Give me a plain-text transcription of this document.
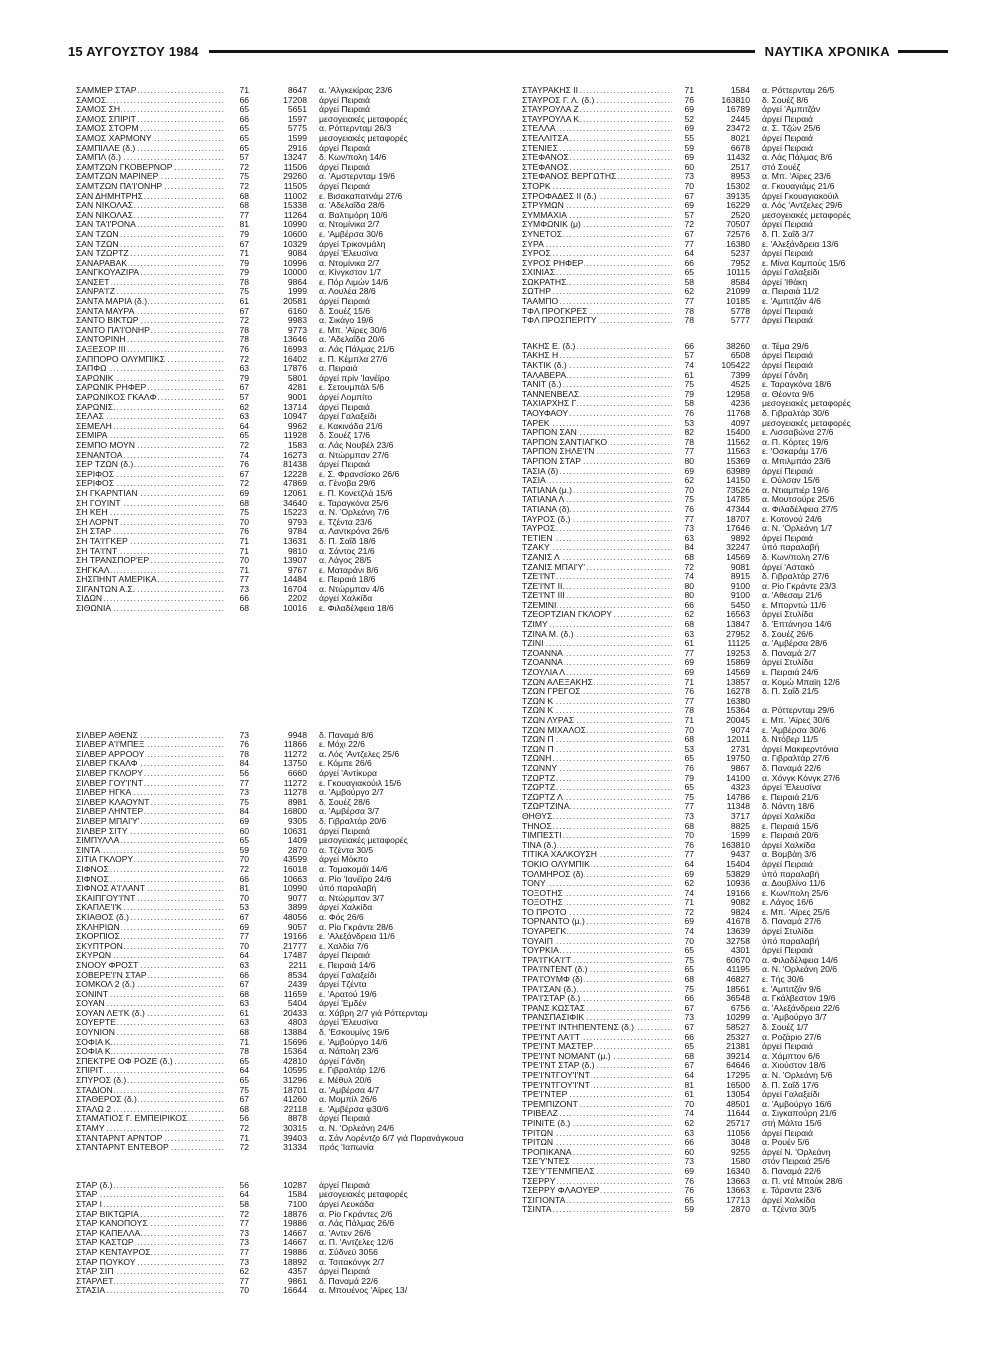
15 ΑΥΓΟΥΣΤΟΥ 1984	ΝΑΥΤΙΚΑ ΧΡΟΝΙΚΑ
ΣΑΜΜΕΡ ΣΤΑΡ .....	71	8647	α. 'Αλγκεκίρας 23/6
ΣΑΜΟΣ .....	66	17208	άργεί Πειραιά
ΣΑΜΟΣ ΣΗ .....	65	5651	άργεί Πειραιά
ΣΑΜΟΣ ΣΠΙΡΙΤ .....	66	1597	μεσογειακές μεταφορές
ΣΑΜΟΣ ΣΤΟΡΜ .....	65	5775	α. Ρόττερνταμ 26/3
ΣΑΜΟΣ ΧΑΡΜΟΝΥ .....	65	1599	μεσογειακές μεταφορές
ΣΑΜΠΙΛΛΕ (δ.) .....	65	2916	άργεί Πειραιά
ΣΑΜΠΛ (δ.) .....	57	13247	δ. Κων/πολη 14/6
ΣΑΜΤΖΩΝ ΓΚΟΒΕΡΝΟΡ .....	72	11506	άργεί Πειραιά
ΣΑΜΤΖΩΝ ΜΑΡΙΝΕΡ .....	75	29260	α. 'Αμστερνταμ 19/6
ΣΑΜΤΖΩΝ ΠΑ'Ι'ΟΝΗΡ .....	72	11505	άργεί Πειραιά
ΣΑΝ ΔΗΜΗΤΡΗΣ .....	68	11002	ε. Βισακαπατνάμ 27/6
ΣΑΝ ΝΙΚΟΛΑΣ .....	68	15338	α. 'Αδελαΐδα 28/6
ΣΑΝ ΝΙΚΟΛΑΣ .....	77	11264	α. Βαλτιμόρη 10/6
ΣΑΝ ΤΑ'Ι'ΡΟΝΑ .....	81	10990	α. Ντομίνικα 2/7
ΣΑΝ ΤΖΩΝ .....	79	10600	ε. 'Αμβέρσα 30/6
ΣΑΝ ΤΖΩΝ .....	67	10329	άργεί Τρικονμάλη
ΣΑΝ ΤΖΩΡΤΖ .....	71	9084	άργεί 'Ελευσίνα
ΣΑΝΑΡΑΒΑΚ .....	79	10996	α. Ντομίνικα 2/7
ΣΑΝΓΚΟΥΑΖΙΡΑ .....	79	10000	α. Κίνγκστον 1/7
ΣΑΝΣΕΤ .....	78	9864	ε. Πόρ Λιμών 14/6
ΣΑΝΡΑ'Ι'Ζ .....	75	1999	α. Λουλέα 28/6
ΣΑΝΤΑ ΜΑΡΙΑ (δ.) .....	61	20581	άργεί Πειραιά
ΣΑΝΤΑ ΜΑΥΡΑ .....	67	6160	δ. Σουέζ 15/6
ΣΑΝΤΟ ΒΙΚΤΩΡ .....	72	9983	α. Σικάγο 19/6
ΣΑΝΤΟ ΠΑ'Ι'ΟΝΗΡ .....	78	9773	ε. Μπ. 'Αϊρες 30/6
ΣΑΝΤΟΡΙΝΗ .....	78	13646	α. 'Αδελαΐδα 20/6
ΣΑΞΕΣΟΡ ΙΙΙ .....	76	16993	α. Λάς Πάλμας 21/6
ΣΑΠΠΟΡΟ ΟΛΥΜΠΙΚΣ .....	72	16402	ε. Π. Κέμπλα 27/6
ΣΑΠΦΩ .....	63	17876	α. Πειραιά
ΣΑΡΩΝΙΚ .....	79	5801	άργεί πρίν 'Ιανέϊρο
ΣΑΡΩΝΙΚ ΡΗΦΕΡ .....	67	4281	ε. Σετουμπάλ 5/6
ΣΑΡΩΝΙΚΟΣ ΓΚΑΛΦ .....	57	9001	άργεί Λομπίτο
ΣΑΡΩΝΙΣ .....	62	13714	άργεί Πειραιά
ΣΕΛΑΣ .....	63	10947	άργεί Γαλαξείδι
ΣΕΜΕΛΗ .....	64	9962	ε. Κακινάδα 21/6
ΣΕΜΙΡΑ .....	65	11928	δ. Σουέζ 17/6
ΣΕΜΠΟ ΜΟΥΝ .....	72	1583	α. Λάς Νουβέλ 23/6
ΣΕΝΑΝΤΟΑ .....	74	16273	α. Ντώρμπαν 27/6
ΣΕΡ ΤΖΩΝ (δ.) .....	76	81438	άργεί Πειραιά
ΣΕΡΙΦΟΣ .....	67	12228	ε. Σ. Φρανσίσκο 26/6
ΣΕΡΙΦΟΣ .....	72	47869	α. Γένοβα 29/6
ΣΗ ΓΚΑΡΝΤΙΑΝ .....	69	12061	ε. Π. Κονετζλά 15/6
ΣΗ ΓΟΥΙΝΤ .....	68	34640	ε. Ταραγκόνα 25/6
ΣΗ ΚΕΗ .....	75	15223	α. Ν. 'Ορλεάνη 7/6
ΣΗ ΛΟΡΝΤ .....	70	9793	ε. Τζέντα 23/6
ΣΗ ΣΤΑΡ .....	76	9784	α. Λαντκρόνα 26/6
ΣΗ ΤΑ'Ι'ΓΚΕΡ .....	71	13631	δ. Π. Σαΐδ 18/6
ΣΗ ΤΑ'Ι'ΝΤ .....	71	9810	α. Σάντος 21/6
ΣΗ ΤΡΑΝΣΠΟΡ'ΕΡ .....	70	13907	α. Λάγος 28/5
ΣΗΓΚΑΛ .....	71	9767	ε. Ματαράνι 8/6
ΣΗΣΠΗΝΤ ΑΜΕΡΙΚΑ .....	77	14484	ε. Πειραιά 18/6
ΣΙΓΑΝΤΩΝ Α.Σ. .....	73	16704	α. Ντώρμπαν 4/6
ΣΙΔΩΝ .....	66	2202	άργεί Χαλκίδα
ΣΙΘΩΝΙΑ .....	68	10016	ε. Φιλαδέλφεια 18/6
ΣΙΛΒΕΡ ΑΘΕΝΣ .....	73	9948	δ. Παναμά 8/6
ΣΙΛΒΕΡ Α'Ι'ΜΠΕΞ .....	76	11866	ε. Μόχι 22/6
ΣΙΛΒΕΡ ΑΡΡΟΟΥ .....	78	11272	α. Λός 'Αντζελες 25/6
ΣΙΛΒΕΡ ΓΚΑΛΦ .....	84	13750	ε. Κόμπε 26/6
ΣΙΛΒΕΡ ΓΚΛΟΡΥ .....	56	6660	άργεί 'Αντίκυρα
ΣΙΛΒΕΡ ΓΟΥ'Ι'ΝΤ .....	77	11272	ε. Γκουαγιακούιλ 15/6
ΣΙΛΒΕΡ ΗΓΚΑ .....	73	11278	α. 'Αμβούργο 2/7
ΣΙΛΒΕΡ ΚΛΑΟΥΝΤ .....	75	8981	δ. Σουέζ 28/6
ΣΙΛΒΕΡ ΛΗΝΤΕΡ .....	84	16800	α. 'Αμβέρσα 3/7
ΣΙΛΒΕΡ ΜΠΑΙ'Υ' .....	69	9305	δ. Γιβραλτάρ 20/6
ΣΙΛΒΕΡ ΣΙΤΥ .....	60	10631	άργεί Πειραιά
ΣΙΜΠΥΛΛΑ .....	65	1409	μεσογειακές μεταφορές
ΣΙΝΤΑ .....	59	2870	α. Τζέντα 30/5
ΣΙΤΙΑ ΓΚΛΟΡΥ .....	70	43599	άργεί Μόκπο
ΣΙΦΝΟΣ .....	72	16018	α. Τομακομάϊ 14/6
ΣΙΦΝΟΣ .....	66	10663	α. Ρίο 'Ιανέϊρο 24/6
ΣΙΦΝΟΣ Α'Ι'ΛΑΝΤ .....	81	10990	ύπό παραλαβή
ΣΚΑΙΠΓΟΥ'Ι'ΝΤ .....	70	9077	α. Ντώρμπαν 3/7
ΣΚΑΠΛΕ'Ι'Κ .....	53	3899	άργεί Χαλκίδα
ΣΚΙΑΘΟΣ (δ.) .....	67	48056	α. Φός 26/6
ΣΚΛΗΡΙΩΝ .....	69	9057	α. Ρίο Γκράντε 28/6
ΣΚΟΡΠΙΟΣ .....	77	19166	ε. 'Αλεξάνδρεια 11/6
ΣΚΥΠΤΡΟΝ .....	70	21777	ε. Χαλδία 7/6
ΣΚΥΡΩΝ .....	64	17487	άργεί Πειραιά
ΣΝΟΟΥ ΦΡΟΣΤ .....	63	2211	ε. Πειραιά 14/6
ΣΟΒΕΡΕ'Ι'Ν ΣΤΑΡ .....	66	8534	άργεί Γαλαξείδι
ΣΟΜΚΟΛ 2 (δ.) .....	67	2439	άργεί Τζέντα
ΣΟΝΙΝΤ .....	68	11659	ε. 'Αρατού 19/6
ΣΟΥΑΝ .....	63	5404	άργεί 'Εμδέν
ΣΟΥΑΝ ΛΕ'Ι'Κ (δ.) .....	61	20433	α. Χάβρη 2/7 γιά Ρόττερνταμ
ΣΟΥΕΡΤΕ .....	63	4803	άργεί 'Ελευσίνα
ΣΟΥΝΙΟΝ .....	68	13884	δ. 'Εσκουμίνς 19/6
ΣΟΦΙΑ Κ. .....	71	15696	ε. 'Αμβούργο 14/6
ΣΟΦΙΑ Κ. .....	78	15364	α. Νάπολη 23/6
ΣΠΕΚΤΡΕ ΟΦ ΡΟΖΕ (δ.) .....	65	42810	άργεί Γάνδη
ΣΠΙΡΙΤ .....	64	10595	ε. Γιβραλτάρ 12/6
ΣΠΥΡΟΣ (δ.) .....	65	31296	ε. Μέθυλ 20/6
ΣΤΑΔΙΟΝ .....	75	18701	α. 'Αμβέρσα 4/7
ΣΤΑΘΕΡΟΣ (δ.) .....	67	41260	α. Μομπίλ 26/6
ΣΤΑΛΩ 2 .....	68	22118	ε. 'Αμβέρσα φ30/6
ΣΤΑΜΑΤΙΟΣ Γ. ΕΜΠΕΙΡΙΚΟΣ .....	56	8878	άργεί Πειραιά
ΣΤΑΜΥ .....	72	30315	α. Ν. 'Ορλεάνη 24/6
ΣΤΑΝΤΑΡΝΤ ΑΡΝΤΟΡ .....	71	39403	α. Σάν Λορέντζο 6/7 γιά Παρανάγκουα
ΣΤΑΝΤΑΡΝΤ ΕΝΤΕΒΟΡ .....	72	31334	πρός 'Ιαπωνία
ΣΤΑΡ (δ.) .....	56	10287	άργεί Πειραιά
ΣΤΑΡ .....	64	1584	μεσογειακές μεταφορές
ΣΤΑΡ Ι .....	58	7100	άργεί Λευκάδα
ΣΤΑΡ ΒΙΚΤΩΡΙΑ .....	72	18876	α. Ρίο Γκράντες 2/6
ΣΤΑΡ ΚΑΝΟΠΟΥΣ .....	77	19886	α. Λάς Πάλμας 26/6
ΣΤΑΡ ΚΑΠΕΛΛΑ .....	73	14667	α. 'Αντεν 26/6
ΣΤΑΡ ΚΑΣΤΩΡ .....	73	14667	α. Π. 'Αντζελες 12/6
ΣΤΑΡ ΚΕΝΤΑΥΡΟΣ .....	77	19886	α. Σύδνεϋ 3056
ΣΤΑΡ ΠΟΥΚΟΥ .....	73	18892	α. Τσιτακόνγκ 2/7
ΣΤΑΡ ΣΙΠ .....	62	4357	άργεί Πειραιά
ΣΤΑΡΛΕΤ .....	77	9861	δ. Παναμά 22/6
ΣΤΑΣΙΑ .....	70	16644	α. Μπουένος 'Αϊρες 13/
ΣΤΑΥΡΑΚΗΣ ΙΙ .....	71	1584	α. Ρόττερνταμ 26/5
ΣΤΑΥΡΟΣ Γ. Λ. (δ.) .....	76	163810	δ. Σουέζ 8/6
ΣΤΑΥΡΟΥΛΑ Ζ .....	69	16789	άργεί 'Αμπιτζάν
ΣΤΑΥΡΟΥΛΑ Κ .....	52	2445	άργεί Πειραιά
ΣΤΕΛΛΑ .....	69	23472	α. Σ. Τζών 25/6
ΣΤΕΛΛΙΤΣΑ .....	55	8021	άργεί Πειραιά
ΣΤΕΝΙΕΣ .....	59	6678	άργεί Πειραιά
ΣΤΕΦΑΝΟΣ .....	69	11432	α. Λάς Πάλμας 8/6
ΣΤΕΦΑΝΟΣ .....	60	2517	στό Σουέζ
ΣΤΕΦΑΝΟΣ ΒΕΡΓΩΤΗΣ .....	73	8953	α. Μπ. 'Αϊρες 23/6
ΣΤΟΡΚ .....	70	15302	α. Γκουαγιάμς 21/6
ΣΤΡΟΦΑΔΕΣ ΙΙ (δ.) .....	67	39135	άργεί Γκουαγιακούιλ
ΣΤΡΥΜΩΝ .....	69	16229	α. Λός 'Αντζελες 29/6
ΣΥΜΜΑΧΙΑ .....	57	2520	μεσογειακές μεταφορές
ΣΥΜΦΩΝΙΚ (μ) .....	72	70507	άργεί Πειραιά
ΣΥΝΕΤΟΣ .....	67	72576	δ. Π. Σαΐδ 3/7
ΣΥΡΑ .....	77	16380	ε. 'Αλεξάνδρεια 13/6
ΣΥΡΟΣ .....	64	5237	άργεί Πειραιά
ΣΥΡΟΣ ΡΗΦΕΡ .....	66	7952	ε. Μίνα Καμπούς 15/6
ΣΧΙΝΙΑΣ .....	65	10115	άργεί Γαλαξείδι
ΣΩΚΡΑΤΗΣ .....	58	8584	άργεί 'Ιθάκη
ΣΩΤΗΡ .....	62	21099	α. Πειραιά 11/2
ΤΑΑΜΠΟ .....	77	10185	ε. 'Αμπιτζάν 4/6
ΤΦΛ ΠΡΟΓΚΡΕΣ .....	78	5778	άργεί Πειραιά
ΤΦΛ ΠΡΟΣΠΕΡΙΤΥ .....	78	5777	άργεί Πειραιά
ΤΑΚΗΣ Ε. (δ.) .....	66	38260	α. Τέμα 29/6
ΤΑΚΗΣ Η .....	57	6508	άργεί Πειραιά
ΤΑΚΤΙΚ (δ.) .....	74	105422	άργεί Πειραιά
ΤΑΛΑΒΕΡΑ .....	61	7399	άργεί Γάνδη
ΤΑΝΙΤ (δ.) .....	75	4525	ε. Ταραγκόνα 18/6
ΤΑΝΝΕΝΒΕΛΣ .....	79	12958	α. Θέοντα 9/6
ΤΑΧΙΑΡΧΗΣ Γ .....	58	4236	μεσογειακές μεταφορές
ΤΑΟΥΦΑΟΥ .....	76	11768	δ. Γιβραλτάρ 30/6
ΤΑΡΕΚ .....	53	4097	μεσογειακές μεταφορές
ΤΑΡΠΟΝ ΣΑΝ .....	82	15400	ε. Λισσαβώνα 27/6
ΤΑΡΠΟΝ ΣΑΝΤΙΑΓΚΟ .....	78	11562	α. Π. Κόρτες 19/6
ΤΑΡΠΟΝ ΣΗΛΕ'Ι'Ν .....	77	11563	ε. 'Οσκαράμ 17/6
ΤΑΡΠΟΝ ΣΤΑΡ .....	80	15369	α. Μπιλμπάο 23/6
ΤΑΣΙΑ (δ) .....	69	63989	άργεί Πειραιά
ΤΑΣΙΑ .....	62	14150	ε. Ούλσαν 15/6
ΤΑΤΙΑΝΑ (μ.) .....	70	73526	α. Ντιαμπιέρ 19/6
ΤΑΤΙΑΝΑ Λ .....	75	14785	α. Μουτσούρε 25/6
ΤΑΤΙΑΝΑ (δ) .....	76	47344	α. Φιλαδέλφεια 27/5
ΤΑΥΡΟΣ (δ.) .....	77	18707	ε. Κοτονού 24/6
ΤΑΥΡΟΣ .....	73	17646	α. Ν. 'Ορλεάνη 1/7
ΤΕΤΙΕΝ .....	63	9892	άργεί Πειραιά
ΤΖΑΚΥ .....	84	32247	ύπό παραλαβή
ΤΖΑΝΙΣ Λ .....	68	14569	δ. Κων/πολη 27/6
ΤΖΑΝΙΣ ΜΠΑΙ'Υ' .....	72	9081	άργεί 'Αστακό
ΤΖΕ'Ι'ΝΤ .....	74	8915	δ. Γιβραλτάρ 27/6
ΤΖΕ'Ι'ΝΤ ΙΙ .....	80	9100	α. Ρίο Γκράντε 23/3
ΤΖΕ'Ι'ΝΤ ΙΙΙ .....	80	9100	α. 'Αθεσαμ 21/6
ΤΖΕΜΙΝΙ .....	66	5450	ε. Μπορντώ 11/6
ΤΖΕΟΡΤΖΙΑΝ ΓΚΛΟΡΥ .....	62	16563	άργεί Στυλίδα
ΤΖΙΜΥ .....	68	13847	δ. 'Επτάνησα 14/6
ΤΖΙΝΑ Μ. (δ.) .....	63	27952	δ. Σουέζ 26/6
ΤΖΙΝΙ .....	61	11125	α. 'Αμβέρσα 28/6
ΤΖΟΑΝΝΑ .....	77	19253	δ. Παναμά 2/7
ΤΖΟΑΝΝΑ .....	69	15869	άργεί Στυλίδα
ΤΖΟΥΛΙΑ Λ .....	69	14569	ε. Πειραιά 24/6
ΤΖΩΝ ΑΛΕΞΑΚΗΣ .....	71	13857	α. Κομώ Μπαϊη 12/6
ΤΖΩΝ ΓΡΕΓΟΣ .....	76	16278	δ. Π. Σαΐδ 21/5
ΤΖΩΝ Κ .....	77	16380
ΤΖΩΝ Κ .....	78	15364	α. Ρόττερνταμ 29/6
ΤΖΩΝ ΛΥΡΑΣ .....	71	20045	ε. Μπ. 'Αϊρες 30/6
ΤΖΩΝ ΜΙΧΑΛΟΣ .....	70	9074	ε. 'Αμβέρσα 30/6
ΤΖΩΝ Π .....	68	12011	δ. Ντόβερ 11/5
ΤΖΩΝ Π .....	53	2731	άργεί Μακφερντόνια
ΤΖΩΝΗ .....	65	19750	α. Γιβραλτάρ 27/6
ΤΖΩΝΝΥ .....	76	9867	δ. Παναμά 22/6
ΤΖΩΡΤΖ .....	79	14100	α. Χόνγκ Κόνγκ 27/6
ΤΖΩΡΤΖ .....	65	4323	άργεί 'Ελευσίνα
ΤΖΩΡΤΖ Λ .....	75	14786	ε. Πειραιά 21/6
ΤΖΩΡΤΖΙΝΑ .....	77	11348	δ. Νάντη 18/6
ΘΗΘΥΣ .....	73	3717	άργεί Χαλκίδα
ΤΗΝΟΣ .....	68	8825	ε. Πειραιά 15/6
ΤΙΜΠΕΣΤΙ .....	70	1599	ε. Πειραιά 20/6
ΤΙΝΑ (δ.) .....	76	163810	άργεί Χαλκίδα
ΤΙΤΙΚΑ ΧΑΛΚΟΥΣΗ .....	77	9437	α. Βομβάη 3/6
ΤΟΚΙΟ ΟΛΥΜΠΙΚ .....	64	15404	άργεί Πειραιά
ΤΟΛΜΗΡΟΣ (δ) .....	69	53829	ύπό παραλαβή
ΤΟΝΥ .....	62	10936	α. Δουβλίνο 11/6
ΤΟΞΟΤΗΣ .....	74	19166	ε. Κων/πολη 25/6
ΤΟΞΟΤΗΣ .....	71	9082	ε. Λάγος 16/6
ΤΟ ΠΡΟΤΟ .....	72	9824	ε. Μπ. 'Αϊρες 25/6
ΤΟΡΝΑΝΤΟ (μ.) .....	69	41678	δ. Παναμά 27/6
ΤΟΥΑΡΕΓΚ .....	74	13639	άργεί Στυλίδα
ΤΟΥΑΙΠ .....	70	32758	ύπό παραλαβή
ΤΟΥΡΚΙΑ .....	65	4301	άργεί Πειραιά
ΤΡΑ'Ι'ΓΚΑ'Ι'Τ .....	75	60670	α. Φιλαδέλφεια 14/6
ΤΡΑ'Ι'ΝΤΕΝΤ (δ.) .....	65	41195	α. Ν. 'Ορλεάνη 20/6
ΤΡΑ'Ι'ΟΥΜΦ (δ) .....	68	46827	ε. Τής 30/6
ΤΡΑ'Ι'ΣΑΝ (δ.) .....	75	18561	ε. 'Αμπιτζάν 9/6
ΤΡΑ'Ι'ΣΤΑΡ (δ.) .....	66	36548	α. Γκάλβεστον 19/6
ΤΡΑΝΣ ΚΩΣΤΑΣ .....	67	6756	α. 'Αλεξάνδρεια 22/6
ΤΡΑΝΣΠΑΣΙΦΙΚ .....	73	10299	α. 'Αμβούργο 3/7
ΤΡΕ'Ι'ΝΤ ΙΝΤΗΠΕΝΤΕΝΣ (δ.) .....	67	58527	δ. Σουέζ 1/7
ΤΡΕ'Ι'ΝΤ ΛΑ'Ι'Τ .....	66	25327	α. Ροζάριο 27/6
ΤΡΕ'Ι'ΝΤ ΜΑΣΤΕΡ .....	65	21381	άργεί Πειραιά
ΤΡΕ'Ι'ΝΤ ΝΟΜΑΝΤ (μ.) .....	68	39214	α. Χάμπτον 6/6
ΤΡΕ'Ι'ΝΤ ΣΤΑΡ (δ.) .....	67	64646	α. Χιούστον 18/6
ΤΡΕ'Ι'ΝΤΓΟΥ'Ι'ΝΤ .....	64	17295	α. Ν. 'Ορλεάνη 5/6
ΤΡΕ'Ι'ΝΤΓΟΥ'Ι'ΝΤ .....	81	16500	δ. Π. Σαΐδ 17/6
ΤΡΕ'Ι'ΝΤΕΡ .....	61	13054	άργεί Γαλαξείδι
ΤΡΕΜΠΙΖΟΝΤ .....	70	48501	α. 'Αμβούργο 16/6
ΤΡΙΒΕΛΖ .....	74	11644	α. Σιγκαπούρη 21/6
ΤΡΙΝΙΤΕ (δ.) .....	62	25717	στή Μάλτα 15/6
ΤΡΙΤΩΝ .....	63	11056	άργεί Πειραιά
ΤΡΙΤΩΝ .....	66	3048	α. Ρουέν 5/6
ΤΡΟΠΙΚΑΝΑ .....	60	9255	άργεί Ν. 'Ορλεάνη
ΤΣΕ'Υ'ΝΤΕΣ .....	73	1580	στόν Πειραιά 25/6
ΤΣΕ'Υ'ΤΕΝΜΠΕΛΣ .....	69	16340	δ. Παναμά 22/6
ΤΣΕΡΡΥ .....	76	13663	α. Π. ντέ Μπούκ 28/6
ΤΣΕΡΡΥ ΦΛΑΟΥΕΡ .....	76	13663	ε. Τάραντα 23/6
ΤΣΙΓΙΟΝΤΑ .....	65	17713	άργεί Χαλκίδα
ΤΣΙΝΤΑ .....	59	2870	α. Τζέντα 30/5
